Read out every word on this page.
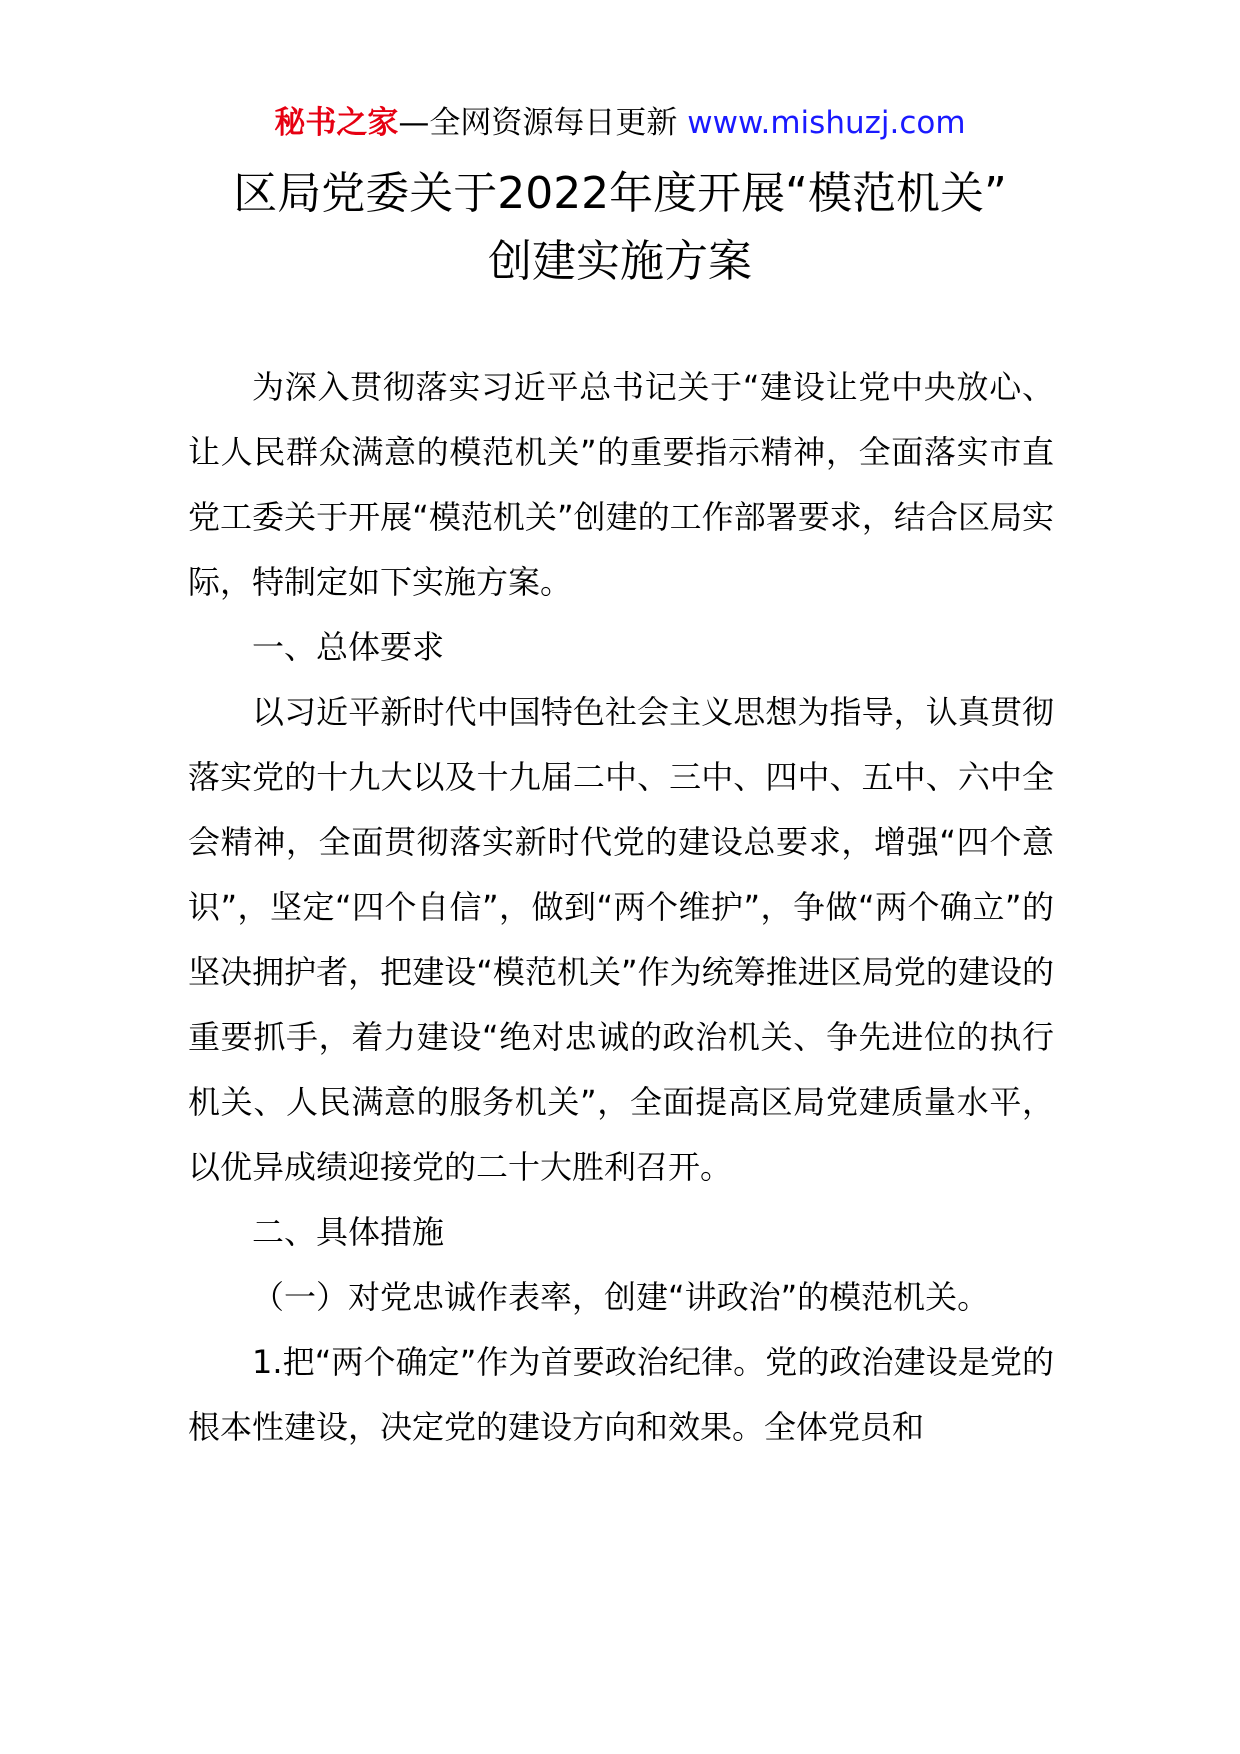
秘书之家—全网资源每日更新 www.mishuzj.com
区局党委关于2022年度开展“模范机关”
创建实施方案

为深入贯彻落实习近平总书记关于“建设让党中央放心、让人民群众满意的模范机关”的重要指示精神，全面落实市直党工委关于开展“模范机关”创建的工作部署要求，结合区局实际，特制定如下实施方案。

一、总体要求

以习近平新时代中国特色社会主义思想为指导，认真贯彻落实党的十九大以及十九届二中、三中、四中、五中、六中全会精神，全面贯彻落实新时代党的建设总要求，增强“四个意识”，坚定“四个自信”，做到“两个维护”，争做“两个确立”的坚决拥护者，把建设“模范机关”作为统筹推进区局党的建设的重要抓手，着力建设“绝对忠诚的政治机关、争先进位的执行机关、人民满意的服务机关”，全面提高区局党建质量水平，以优异成绩迎接党的二十大胜利召开。

二、具体措施

（一）对党忠诚作表率，创建“讲政治”的模范机关。

1.把“两个确定”作为首要政治纪律。党的政治建设是党的根本性建设，决定党的建设方向和效果。全体党员和
